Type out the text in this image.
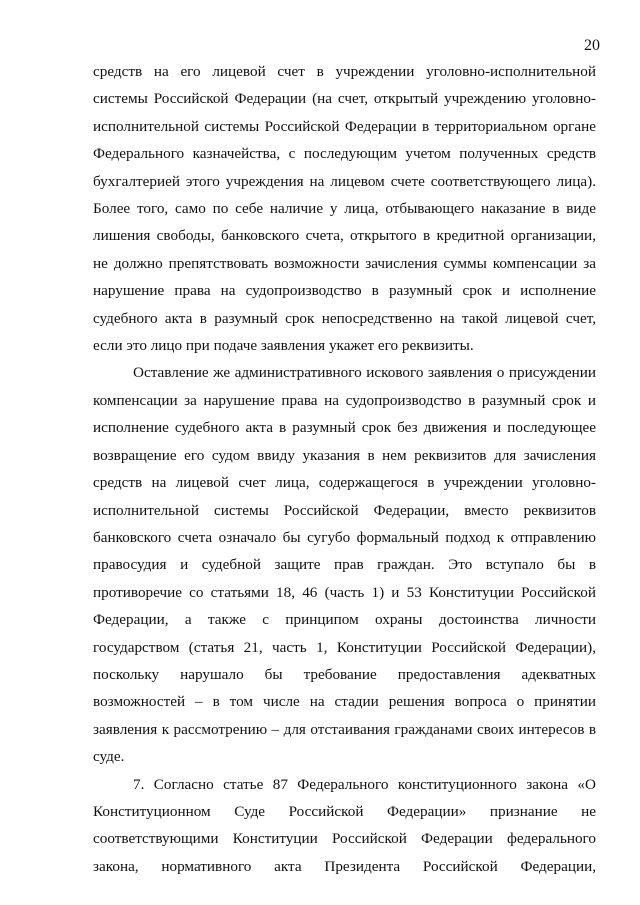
20

средств на его лицевой счет в учреждении уголовно-исполнительной системы Российской Федерации (на счет, открытый учреждению уголовно-исполнительной системы Российской Федерации в территориальном органе Федерального казначейства, с последующим учетом полученных средств бухгалтерией этого учреждения на лицевом счете соответствующего лица). Более того, само по себе наличие у лица, отбывающего наказание в виде лишения свободы, банковского счета, открытого в кредитной организации, не должно препятствовать возможности зачисления суммы компенсации за нарушение права на судопроизводство в разумный срок и исполнение судебного акта в разумный срок непосредственно на такой лицевой счет, если это лицо при подаче заявления укажет его реквизиты.

Оставление же административного искового заявления о присуждении компенсации за нарушение права на судопроизводство в разумный срок и исполнение судебного акта в разумный срок без движения и последующее возвращение его судом ввиду указания в нем реквизитов для зачисления средств на лицевой счет лица, содержащегося в учреждении уголовно-исполнительной системы Российской Федерации, вместо реквизитов банковского счета означало бы сугубо формальный подход к отправлению правосудия и судебной защите прав граждан. Это вступало бы в противоречие со статьями 18, 46 (часть 1) и 53 Конституции Российской Федерации, а также с принципом охраны достоинства личности государством (статья 21, часть 1, Конституции Российской Федерации), поскольку нарушало бы требование предоставления адекватных возможностей – в том числе на стадии решения вопроса о принятии заявления к рассмотрению – для отстаивания гражданами своих интересов в суде.

7. Согласно статье 87 Федерального конституционного закона «О Конституционном Суде Российской Федерации» признание не соответствующими Конституции Российской Федерации федерального закона, нормативного акта Президента Российской Федерации,
